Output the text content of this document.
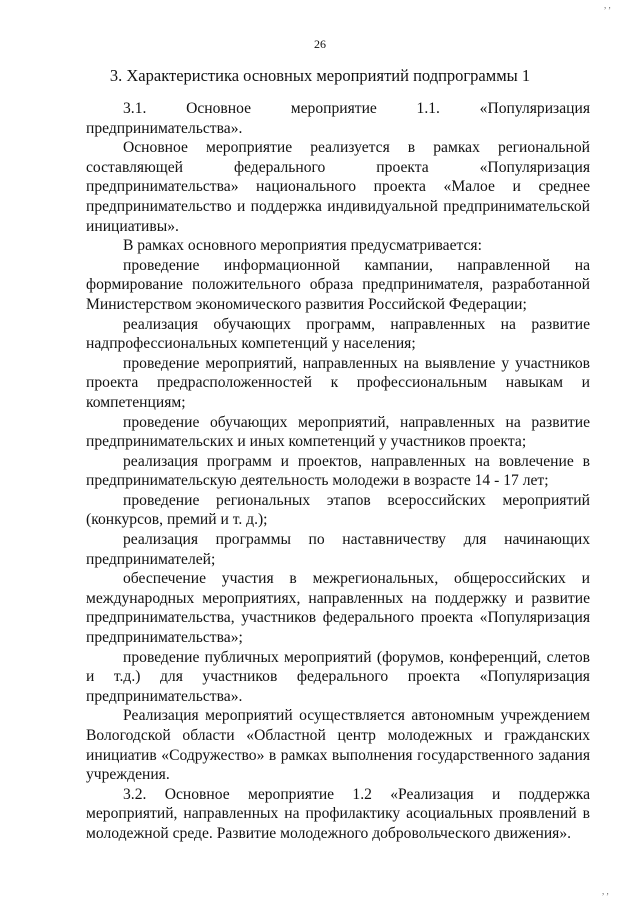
26
3. Характеристика основных мероприятий подпрограммы 1

3.1. Основное мероприятие 1.1. «Популяризация предпринимательства».

Основное мероприятие реализуется в рамках региональной составляющей федерального проекта «Популяризация предпринимательства» национального проекта «Малое и среднее предпринимательство и поддержка индивидуальной предпринимательской инициативы».

В рамках основного мероприятия предусматривается:

проведение информационной кампании, направленной на формирование положительного образа предпринимателя, разработанной Министерством экономического развития Российской Федерации;

реализация обучающих программ, направленных на развитие надпрофессиональных компетенций у населения;

проведение мероприятий, направленных на выявление у участников проекта предрасположенностей к профессиональным навыкам и компетенциям;

проведение обучающих мероприятий, направленных на развитие предпринимательских и иных компетенций у участников проекта;

реализация программ и проектов, направленных на вовлечение в предпринимательскую деятельность молодежи в возрасте 14 - 17 лет;

проведение региональных этапов всероссийских мероприятий (конкурсов, премий и т. д.);

реализация программы по наставничеству для начинающих предпринимателей;

обеспечение участия в межрегиональных, общероссийских и международных мероприятиях, направленных на поддержку и развитие предпринимательства, участников федерального проекта «Популяризация предпринимательства»;

проведение публичных мероприятий (форумов, конференций, слетов и т.д.) для участников федерального проекта «Популяризация предпринимательства».

Реализация мероприятий осуществляется автономным учреждением Вологодской области «Областной центр молодежных и гражданских инициатив «Содружество» в рамках выполнения государственного задания учреждения.

3.2. Основное мероприятие 1.2 «Реализация и поддержка мероприятий, направленных на профилактику асоциальных проявлений в молодежной среде. Развитие молодежного добровольческого движения».

, ,
, ,
